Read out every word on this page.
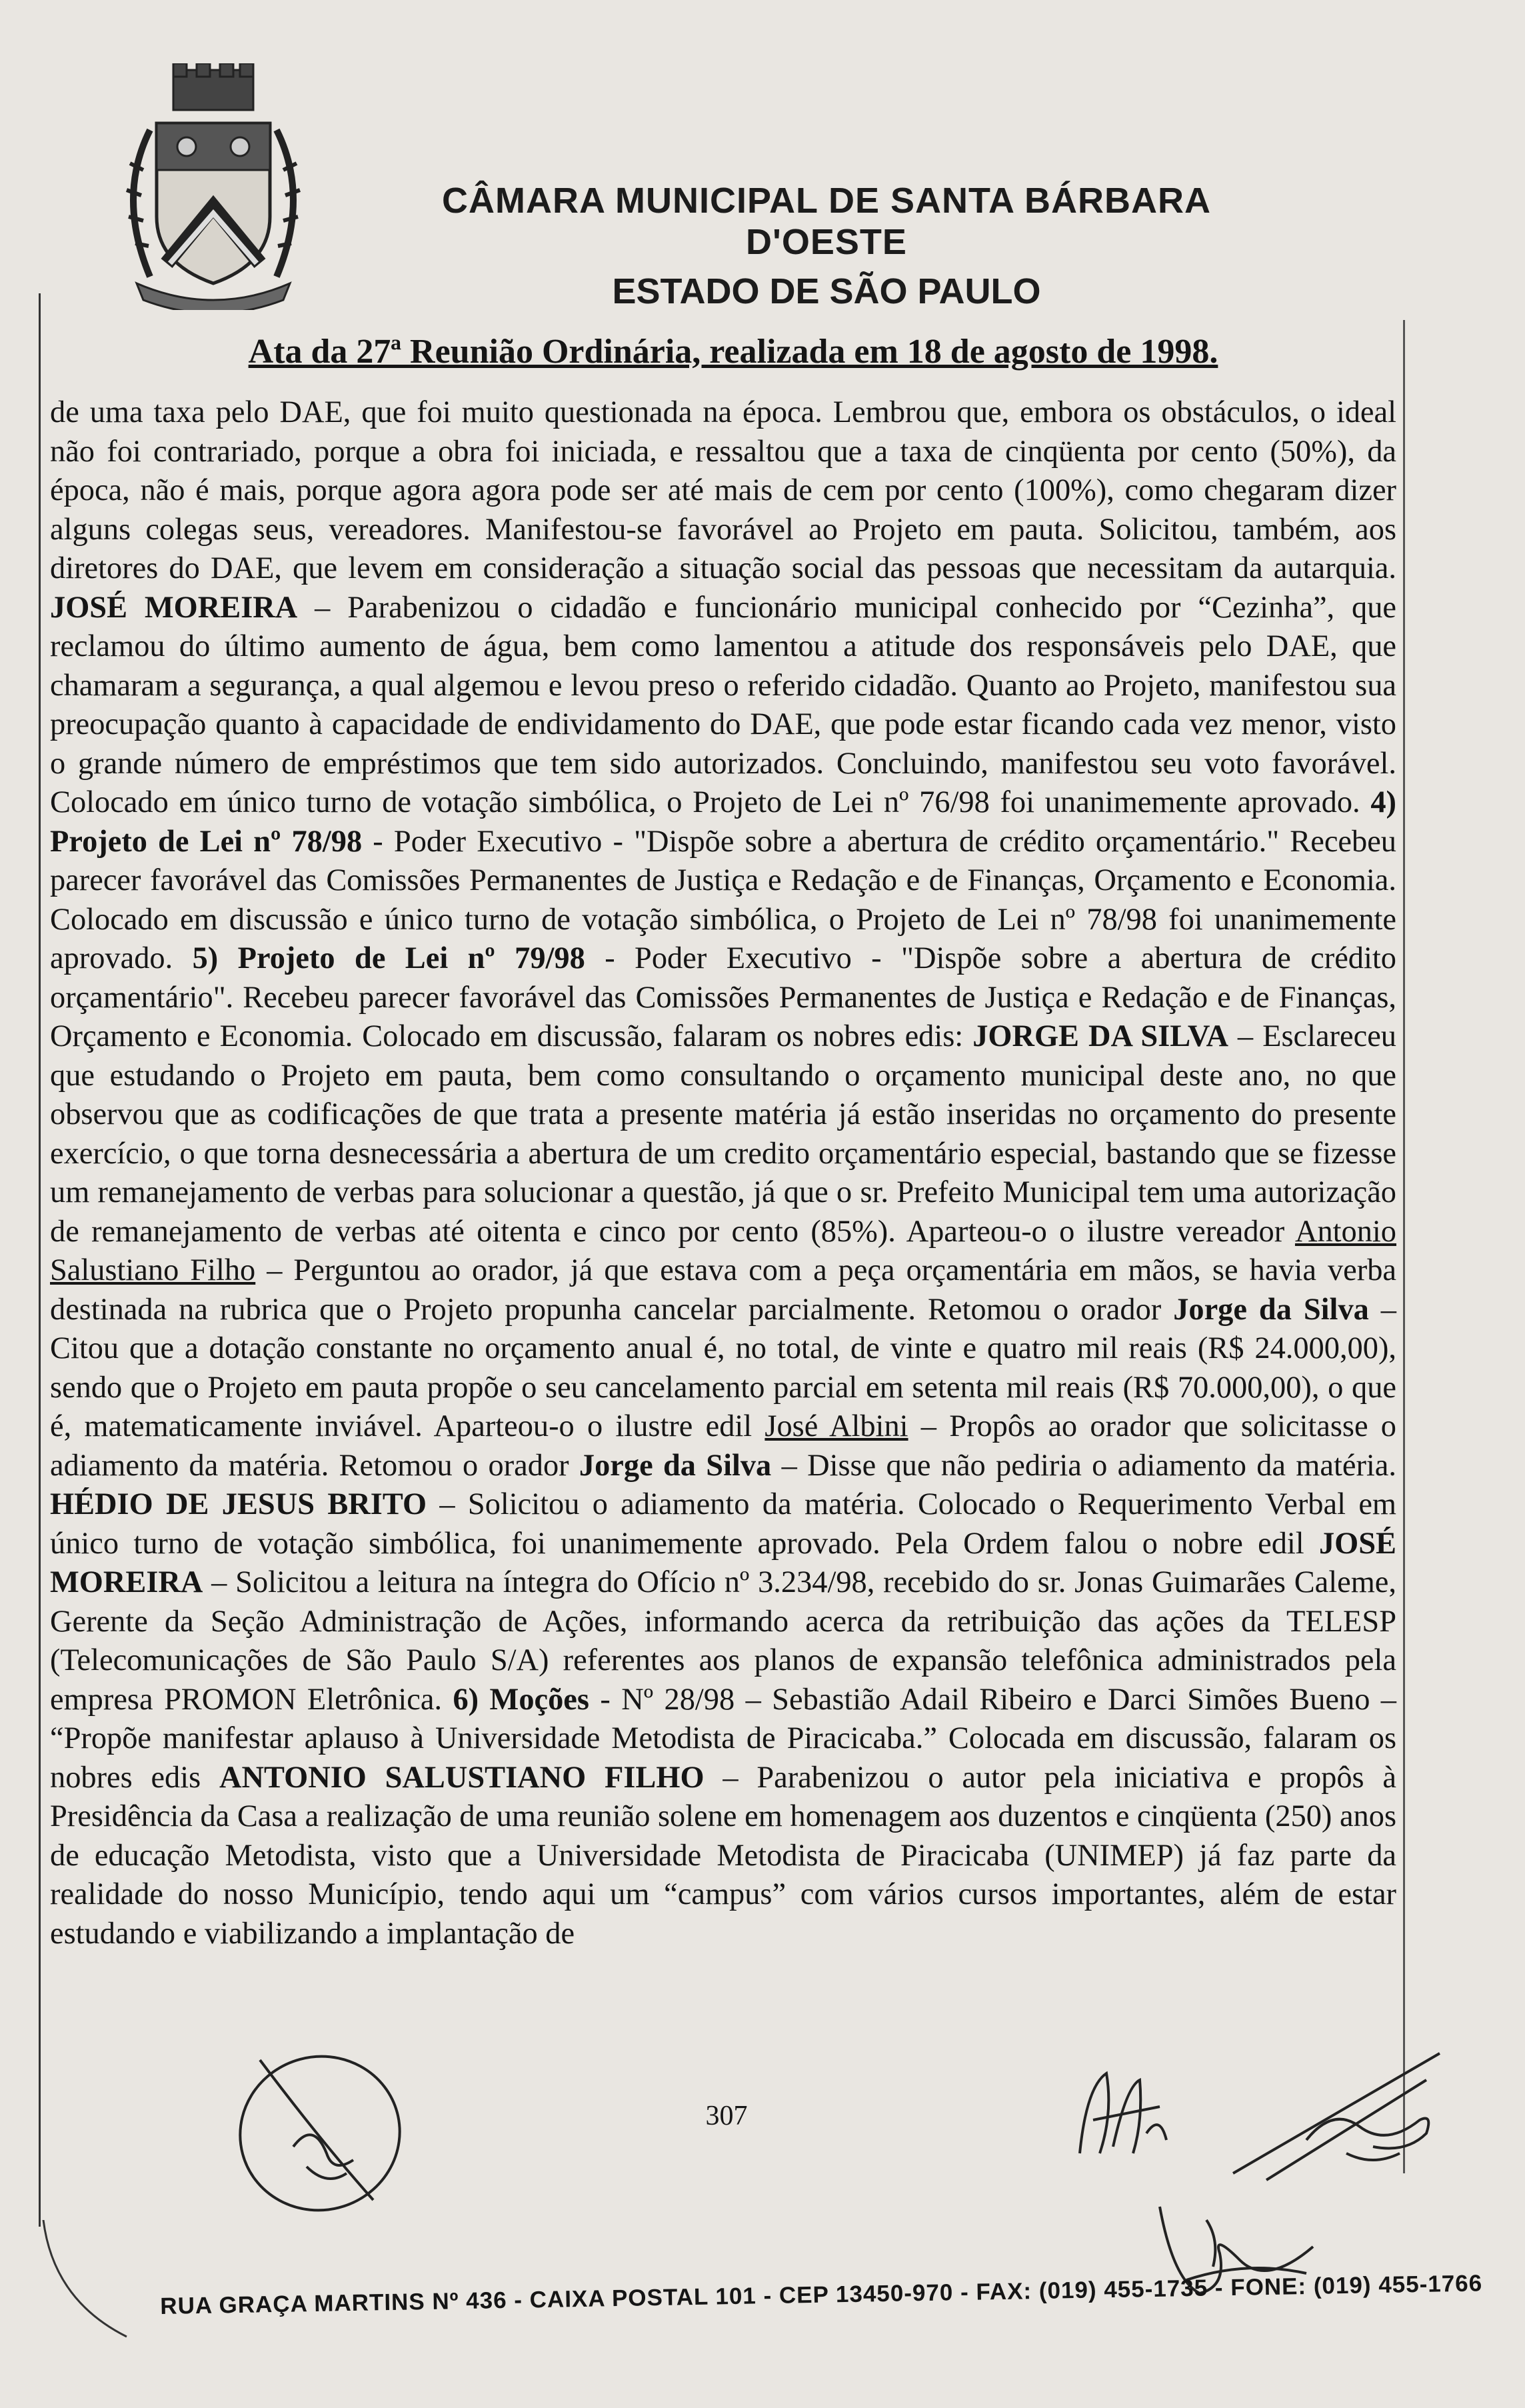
CÂMARA MUNICIPAL DE SANTA BÁRBARA D'OESTE
ESTADO DE SÃO PAULO
Ata da 27ª Reunião Ordinária, realizada em 18 de agosto de 1998.

de uma taxa pelo DAE, que foi muito questionada na época. Lembrou que, embora os obstáculos, o ideal não foi contrariado, porque a obra foi iniciada, e ressaltou que a taxa de cinqüenta por cento (50%), da época, não é mais, porque agora agora pode ser até mais de cem por cento (100%), como chegaram dizer alguns colegas seus, vereadores. Manifestou-se favorável ao Projeto em pauta. Solicitou, também, aos diretores do DAE, que levem em consideração a situação social das pessoas que necessitam da autarquia. JOSÉ MOREIRA – Parabenizou o cidadão e funcionário municipal conhecido por “Cezinha”, que reclamou do último aumento de água, bem como lamentou a atitude dos responsáveis pelo DAE, que chamaram a segurança, a qual algemou e levou preso o referido cidadão. Quanto ao Projeto, manifestou sua preocupação quanto à capacidade de endividamento do DAE, que pode estar ficando cada vez menor, visto o grande número de empréstimos que tem sido autorizados. Concluindo, manifestou seu voto favorável. Colocado em único turno de votação simbólica, o Projeto de Lei nº 76/98 foi unanimemente aprovado. 4) Projeto de Lei nº 78/98 - Poder Executivo - "Dispõe sobre a abertura de crédito orçamentário." Recebeu parecer favorável das Comissões Permanentes de Justiça e Redação e de Finanças, Orçamento e Economia. Colocado em discussão e único turno de votação simbólica, o Projeto de Lei nº 78/98 foi unanimemente aprovado. 5) Projeto de Lei nº 79/98 - Poder Executivo - "Dispõe sobre a abertura de crédito orçamentário". Recebeu parecer favorável das Comissões Permanentes de Justiça e Redação e de Finanças, Orçamento e Economia. Colocado em discussão, falaram os nobres edis: JORGE DA SILVA – Esclareceu que estudando o Projeto em pauta, bem como consultando o orçamento municipal deste ano, no que observou que as codificações de que trata a presente matéria já estão inseridas no orçamento do presente exercício, o que torna desnecessária a abertura de um credito orçamentário especial, bastando que se fizesse um remanejamento de verbas para solucionar a questão, já que o sr. Prefeito Municipal tem uma autorização de remanejamento de verbas até oitenta e cinco por cento (85%). Aparteou-o o ilustre vereador Antonio Salustiano Filho – Perguntou ao orador, já que estava com a peça orçamentária em mãos, se havia verba destinada na rubrica que o Projeto propunha cancelar parcialmente. Retomou o orador Jorge da Silva – Citou que a dotação constante no orçamento anual é, no total, de vinte e quatro mil reais (R$ 24.000,00), sendo que o Projeto em pauta propõe o seu cancelamento parcial em setenta mil reais (R$ 70.000,00), o que é, matematicamente inviável. Aparteou-o o ilustre edil José Albini – Propôs ao orador que solicitasse o adiamento da matéria. Retomou o orador Jorge da Silva – Disse que não pediria o adiamento da matéria. HÉDIO DE JESUS BRITO – Solicitou o adiamento da matéria. Colocado o Requerimento Verbal em único turno de votação simbólica, foi unanimemente aprovado. Pela Ordem falou o nobre edil JOSÉ MOREIRA – Solicitou a leitura na íntegra do Ofício nº 3.234/98, recebido do sr. Jonas Guimarães Caleme, Gerente da Seção Administração de Ações, informando acerca da retribuição das ações da TELESP (Telecomunicações de São Paulo S/A) referentes aos planos de expansão telefônica administrados pela empresa PROMON Eletrônica. 6) Moções - Nº 28/98 – Sebastião Adail Ribeiro e Darci Simões Bueno – “Propõe manifestar aplauso à Universidade Metodista de Piracicaba.” Colocada em discussão, falaram os nobres edis ANTONIO SALUSTIANO FILHO – Parabenizou o autor pela iniciativa e propôs à Presidência da Casa a realização de uma reunião solene em homenagem aos duzentos e cinqüenta (250) anos de educação Metodista, visto que a Universidade Metodista de Piracicaba (UNIMEP) já faz parte da realidade do nosso Município, tendo aqui um “campus” com vários cursos importantes, além de estar estudando e viabilizando a implantação de

307
RUA GRAÇA MARTINS Nº 436 - CAIXA POSTAL 101 - CEP 13450-970 - FAX: (019) 455-1735 - FONE: (019) 455-1766
